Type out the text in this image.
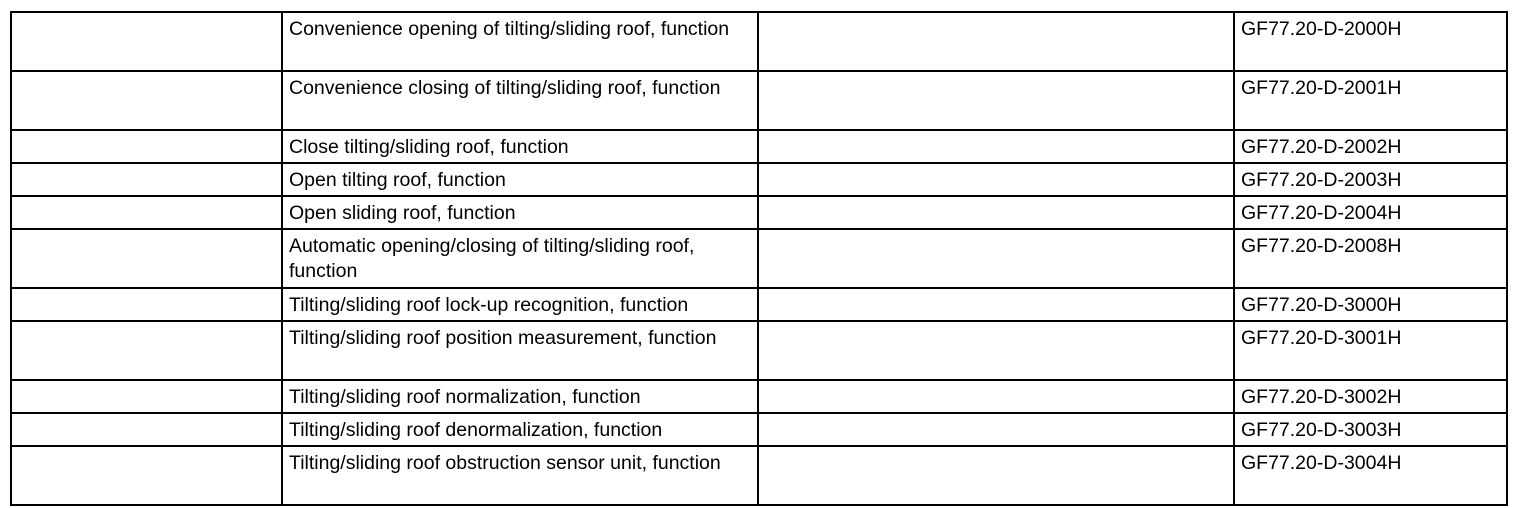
	Convenience opening of tilting/sliding roof, function		GF77.20-D-2000H
	Convenience closing of tilting/sliding roof, function		GF77.20-D-2001H
	Close tilting/sliding roof, function		GF77.20-D-2002H
	Open tilting roof, function		GF77.20-D-2003H
	Open sliding roof, function		GF77.20-D-2004H
	Automatic opening/closing of tilting/sliding roof, function		GF77.20-D-2008H
	Tilting/sliding roof lock-up recognition, function		GF77.20-D-3000H
	Tilting/sliding roof position measurement, function		GF77.20-D-3001H
	Tilting/sliding roof normalization, function		GF77.20-D-3002H
	Tilting/sliding roof denormalization, function		GF77.20-D-3003H
	Tilting/sliding roof obstruction sensor unit, function		GF77.20-D-3004H
